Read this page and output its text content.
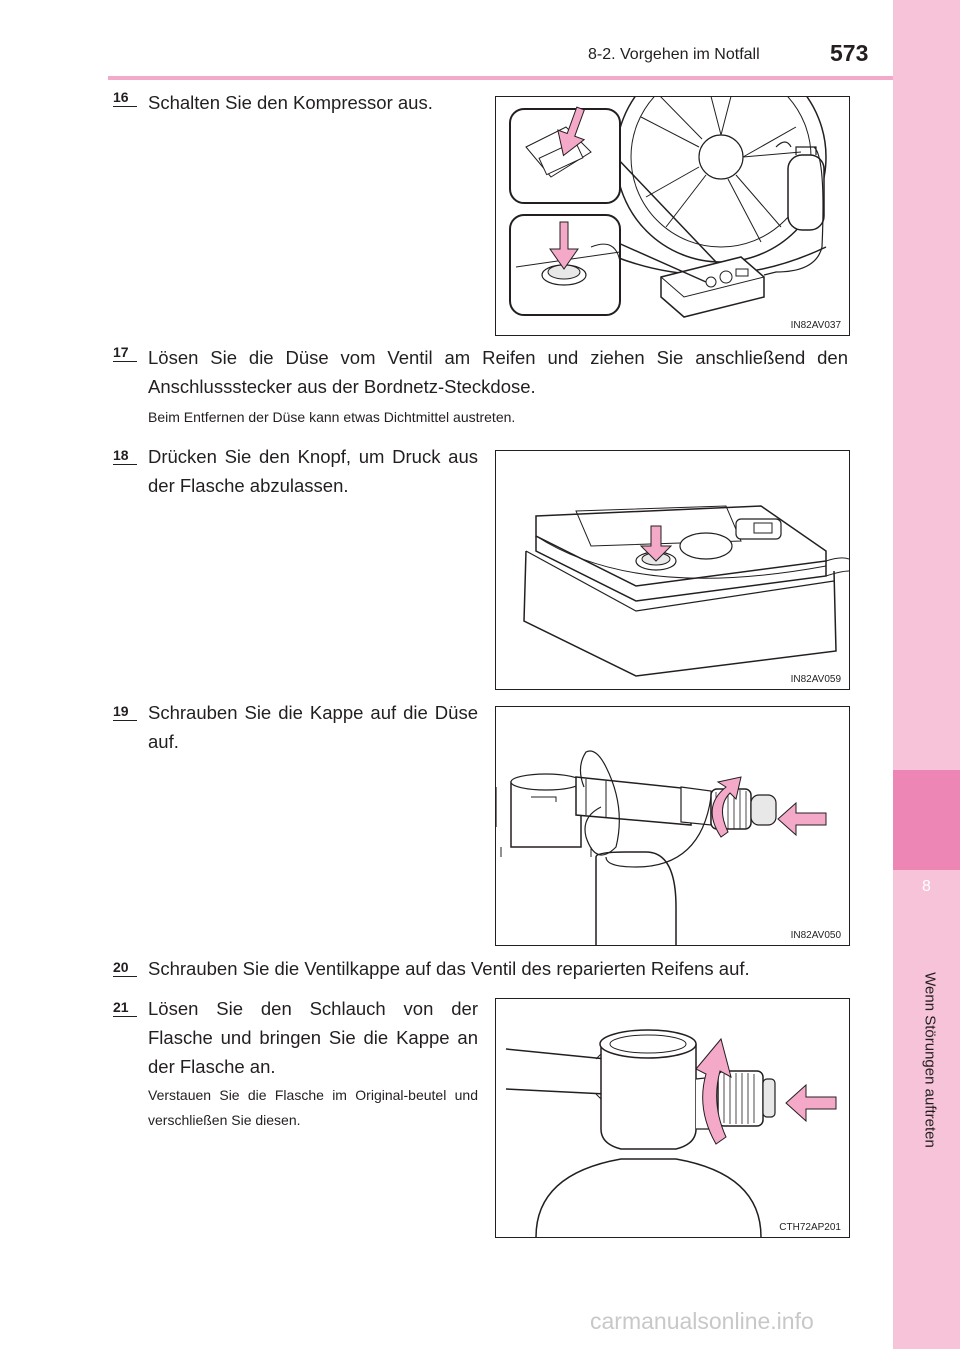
8
Wenn Störungen auftreten
8-2. Vorgehen im Notfall	573
16	Schalten Sie den Kompressor aus.
IN82AV037
17	Lösen Sie die Düse vom Ventil am Reifen und ziehen Sie anschließend den Anschlussstecker aus der Bordnetz-Steckdose.
Beim Entfernen der Düse kann etwas Dichtmittel austreten.
18	Drücken Sie den Knopf, um Druck aus der Flasche abzulassen.
IN82AV059
19	Schrauben Sie die Kappe auf die Düse auf.
IN82AV050
20	Schrauben Sie die Ventilkappe auf das Ventil des reparierten Reifens auf.
21	Lösen Sie den Schlauch von der Flasche und bringen Sie die Kappe an der Flasche an.
Verstauen Sie die Flasche im Original-beutel und verschließen Sie diesen.
CTH72AP201
carmanualsonline.info
